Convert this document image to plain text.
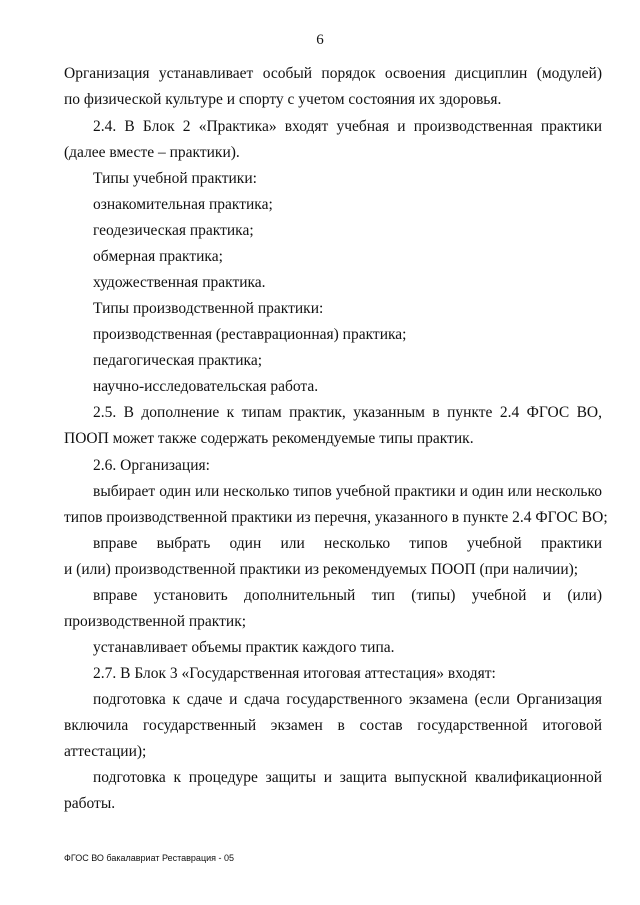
6
Организация устанавливает особый порядок освоения дисциплин (модулей)
по физической культуре и спорту с учетом состояния их здоровья.
2.4. В Блок 2 «Практика» входят учебная и производственная практики
(далее вместе – практики).
Типы учебной практики:
ознакомительная практика;
геодезическая практика;
обмерная практика;
художественная практика.
Типы производственной практики:
производственная (реставрационная) практика;
педагогическая практика;
научно-исследовательская работа.
2.5. В дополнение к типам практик, указанным в пункте 2.4 ФГОС ВО,
ПООП может также содержать рекомендуемые типы практик.
2.6. Организация:
выбирает один или несколько типов учебной практики и один или несколько
типов производственной практики из перечня, указанного в пункте 2.4 ФГОС ВО;
вправе выбрать один или несколько типов учебной практики
и (или) производственной практики из рекомендуемых ПООП (при наличии);
вправе установить дополнительный тип (типы) учебной и (или)
производственной практик;
устанавливает объемы практик каждого типа.
2.7. В Блок 3 «Государственная итоговая аттестация» входят:
подготовка к сдаче и сдача государственного экзамена (если Организация
включила государственный экзамен в состав государственной итоговой
аттестации);
подготовка к процедуре защиты и защита выпускной квалификационной
работы.
ФГОС ВО бакалавриат Реставрация - 05
